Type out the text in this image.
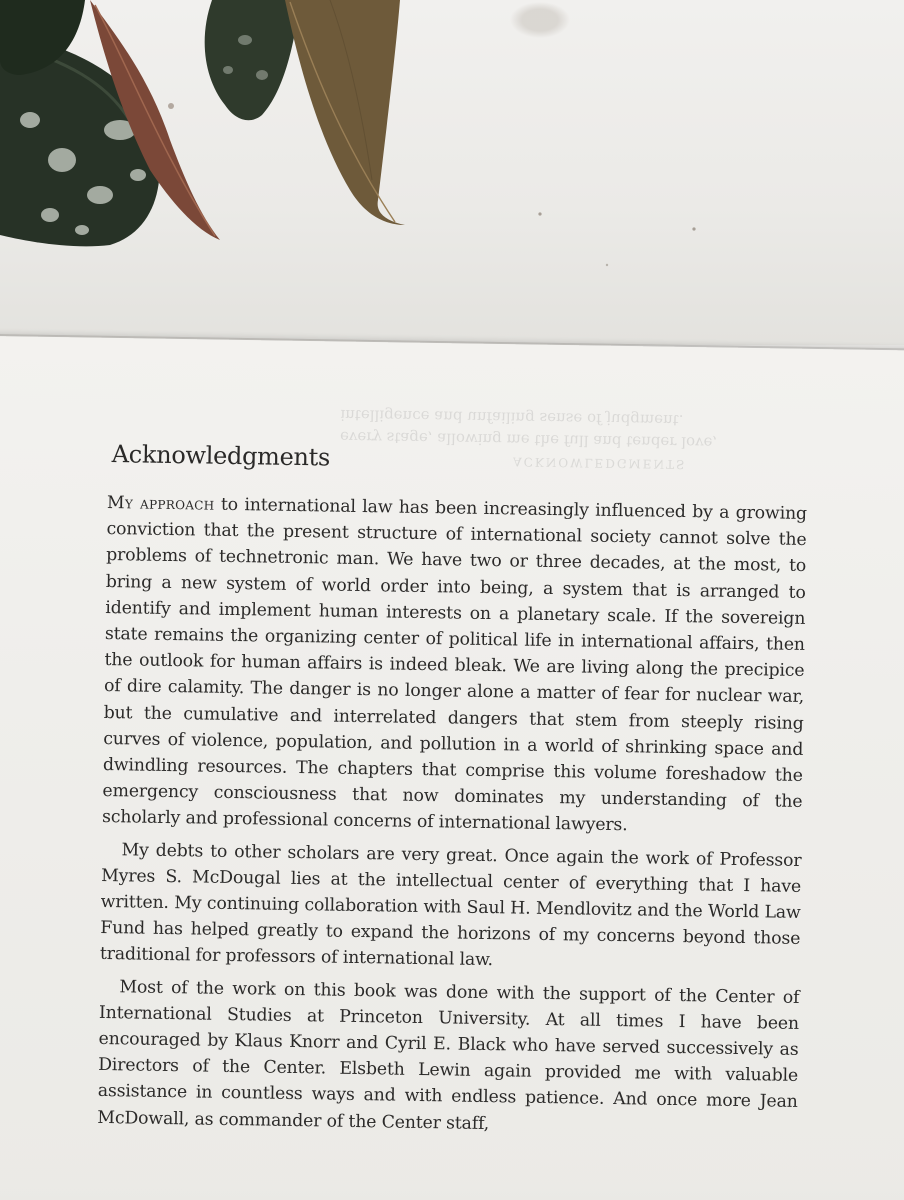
Acknowledgments

My approach to international law has been increasingly influenced by a growing conviction that the present structure of international society cannot solve the problems of technetronic man. We have two or three decades, at the most, to bring a new system of world order into being, a system that is arranged to identify and implement human interests on a planetary scale. If the sovereign state remains the organizing center of political life in international affairs, then the outlook for human affairs is indeed bleak. We are living along the precipice of dire calamity. The danger is no longer alone a matter of fear for nuclear war, but the cumulative and interrelated dangers that stem from steeply rising curves of violence, population, and pollution in a world of shrinking space and dwindling resources. The chapters that comprise this volume foreshadow the emergency consciousness that now dominates my understanding of the scholarly and professional concerns of international lawyers.

My debts to other scholars are very great. Once again the work of Professor Myres S. McDougal lies at the intellectual center of everything that I have written. My continuing collaboration with Saul H. Mendlovitz and the World Law Fund has helped greatly to expand the horizons of my concerns beyond those traditional for professors of international law.

Most of the work on this book was done with the support of the Center of International Studies at Princeton University. At all times I have been encouraged by Klaus Knorr and Cyril E. Black who have served successively as Directors of the Center. Elsbeth Lewin again provided me with valuable assistance in countless ways and with endless patience. And once more Jean McDowall, as commander of the Center staff,
